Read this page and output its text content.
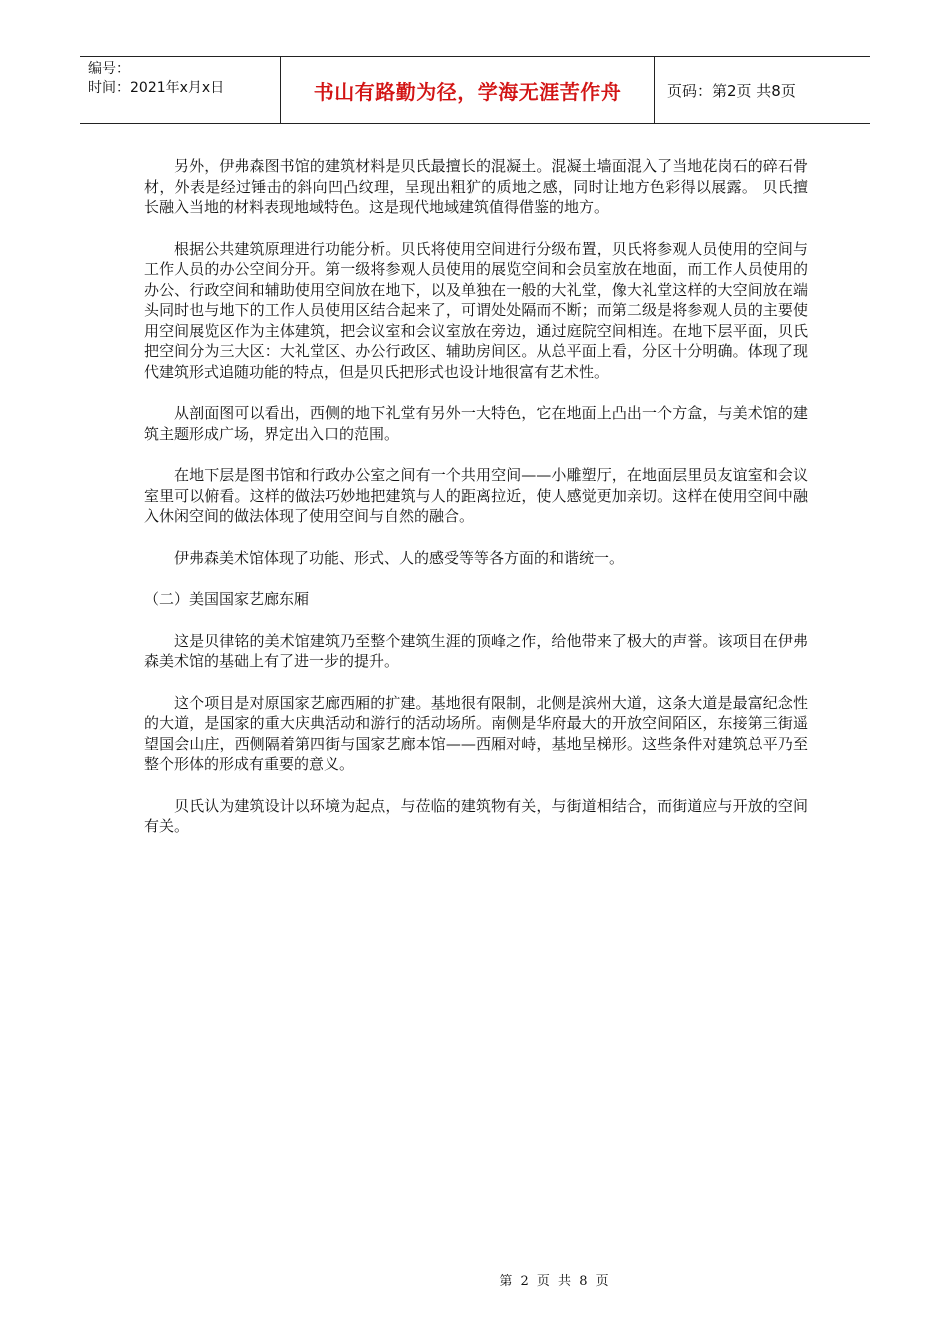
编号：
时间：2021年x月x日	书山有路勤为径，学海无涯苦作舟	页码：第2页 共8页

另外，伊弗森图书馆的建筑材料是贝氏最擅长的混凝土。混凝土墙面混入了当地花岗石的碎石骨材，外表是经过锤击的斜向凹凸纹理，呈现出粗犷的质地之感，同时让地方色彩得以展露。 贝氏擅长融入当地的材料表现地域特色。这是现代地域建筑值得借鉴的地方。

根据公共建筑原理进行功能分析。贝氏将使用空间进行分级布置，贝氏将参观人员使用的空间与工作人员的办公空间分开。第一级将参观人员使用的展览空间和会员室放在地面，而工作人员使用的办公、行政空间和辅助使用空间放在地下，以及单独在一般的大礼堂，像大礼堂这样的大空间放在端头同时也与地下的工作人员使用区结合起来了，可谓处处隔而不断；而第二级是将参观人员的主要使用空间展览区作为主体建筑，把会议室和会议室放在旁边，通过庭院空间相连。在地下层平面，贝氏把空间分为三大区：大礼堂区、办公行政区、辅助房间区。从总平面上看，分区十分明确。体现了现代建筑形式追随功能的特点，但是贝氏把形式也设计地很富有艺术性。

从剖面图可以看出，西侧的地下礼堂有另外一大特色，它在地面上凸出一个方盒，与美术馆的建筑主题形成广场，界定出入口的范围。

在地下层是图书馆和行政办公室之间有一个共用空间——小雕塑厅，在地面层里员友谊室和会议室里可以俯看。这样的做法巧妙地把建筑与人的距离拉近，使人感觉更加亲切。这样在使用空间中融入休闲空间的做法体现了使用空间与自然的融合。

伊弗森美术馆体现了功能、形式、人的感受等等各方面的和谐统一。

（二）美国国家艺廊东厢

这是贝律铭的美术馆建筑乃至整个建筑生涯的顶峰之作，给他带来了极大的声誉。该项目在伊弗森美术馆的基础上有了进一步的提升。

这个项目是对原国家艺廊西厢的扩建。基地很有限制，北侧是滨州大道，这条大道是最富纪念性的大道，是国家的重大庆典活动和游行的活动场所。南侧是华府最大的开放空间陌区，东接第三街遥望国会山庄，西侧隔着第四街与国家艺廊本馆——西厢对峙，基地呈梯形。这些条件对建筑总平乃至整个形体的形成有重要的意义。

贝氏认为建筑设计以环境为起点，与莅临的建筑物有关，与街道相结合，而街道应与开放的空间有关。

第 2 页 共 8 页
